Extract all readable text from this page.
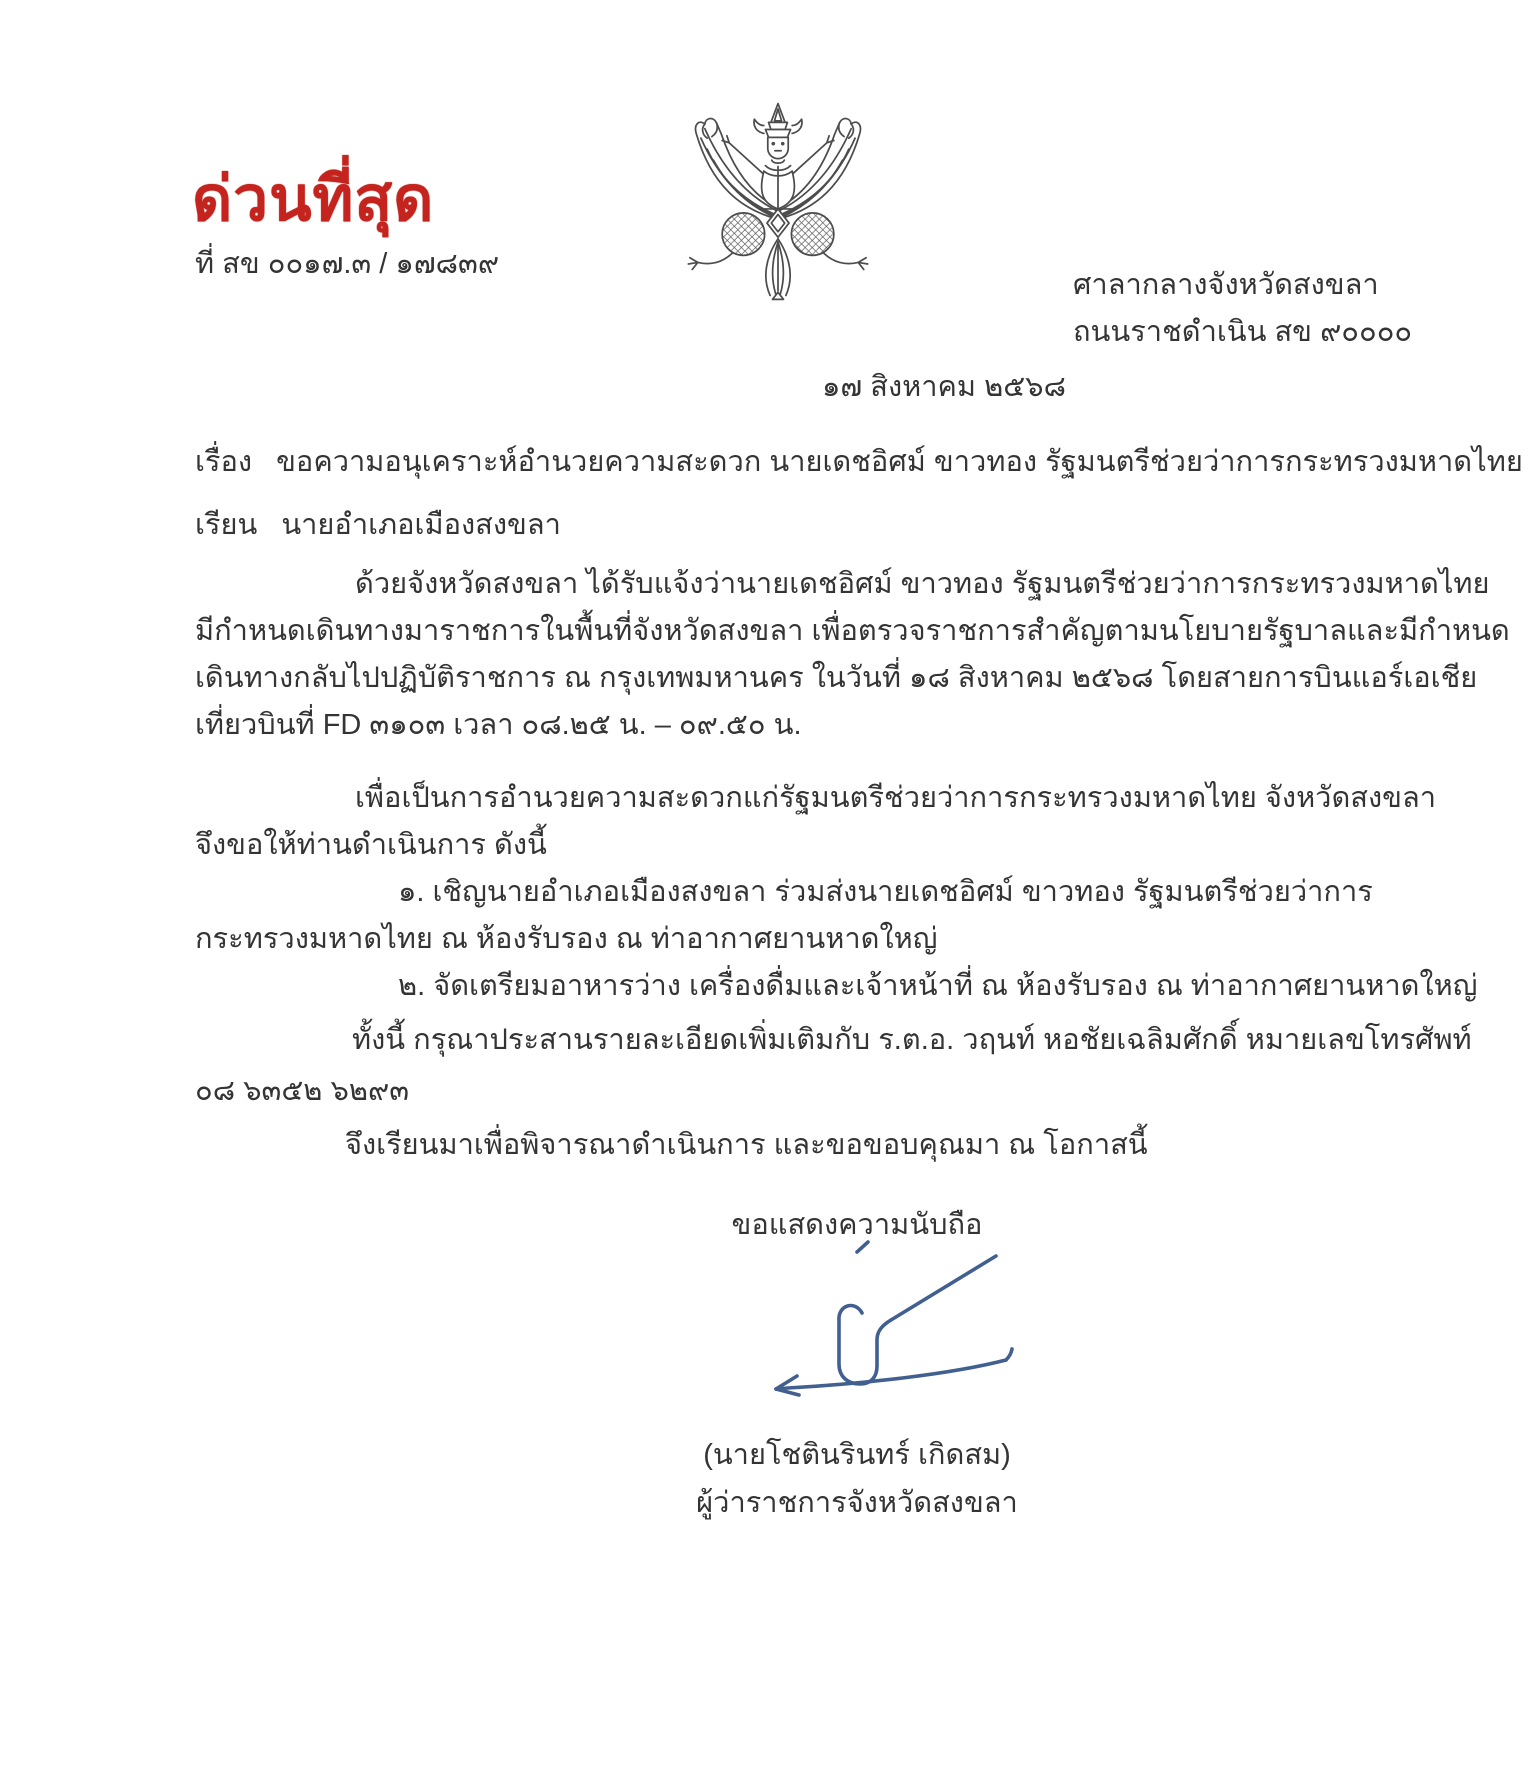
ด่วนที่สุด
ที่ สข ๐๐๑๗.๓ / ๑๗๘๓๙
ศาลากลางจังหวัดสงขลา
ถนนราชดำเนิน สข ๙๐๐๐๐
๑๗ สิงหาคม ๒๕๖๘
เรื่อง ขอความอนุเคราะห์อำนวยความสะดวก นายเดชอิศม์ ขาวทอง รัฐมนตรีช่วยว่าการกระทรวงมหาดไทย
เรียน นายอำเภอเมืองสงขลา
ด้วยจังหวัดสงขลา ได้รับแจ้งว่านายเดชอิศม์ ขาวทอง รัฐมนตรีช่วยว่าการกระทรวงมหาดไทย
มีกำหนดเดินทางมาราชการในพื้นที่จังหวัดสงขลา เพื่อตรวจราชการสำคัญตามนโยบายรัฐบาลและมีกำหนด
เดินทางกลับไปปฏิบัติราชการ ณ กรุงเทพมหานคร ในวันที่ ๑๘ สิงหาคม ๒๕๖๘ โดยสายการบินแอร์เอเชีย
เที่ยวบินที่ FD ๓๑๐๓ เวลา ๐๘.๒๕ น. – ๐๙.๕๐ น.
เพื่อเป็นการอำนวยความสะดวกแก่รัฐมนตรีช่วยว่าการกระทรวงมหาดไทย จังหวัดสงขลา
จึงขอให้ท่านดำเนินการ ดังนี้
๑. เชิญนายอำเภอเมืองสงขลา ร่วมส่งนายเดชอิศม์ ขาวทอง รัฐมนตรีช่วยว่าการ
กระทรวงมหาดไทย ณ ห้องรับรอง ณ ท่าอากาศยานหาดใหญ่
๒. จัดเตรียมอาหารว่าง เครื่องดื่มและเจ้าหน้าที่ ณ ห้องรับรอง ณ ท่าอากาศยานหาดใหญ่
ทั้งนี้ กรุณาประสานรายละเอียดเพิ่มเติมกับ ร.ต.อ. วฤนท์ หอชัยเฉลิมศักดิ์ หมายเลขโทรศัพท์
๐๘ ๖๓๕๒ ๖๒๙๓
จึงเรียนมาเพื่อพิจารณาดำเนินการ และขอขอบคุณมา ณ โอกาสนี้
ขอแสดงความนับถือ
(นายโชตินรินทร์ เกิดสม)
ผู้ว่าราชการจังหวัดสงขลา
